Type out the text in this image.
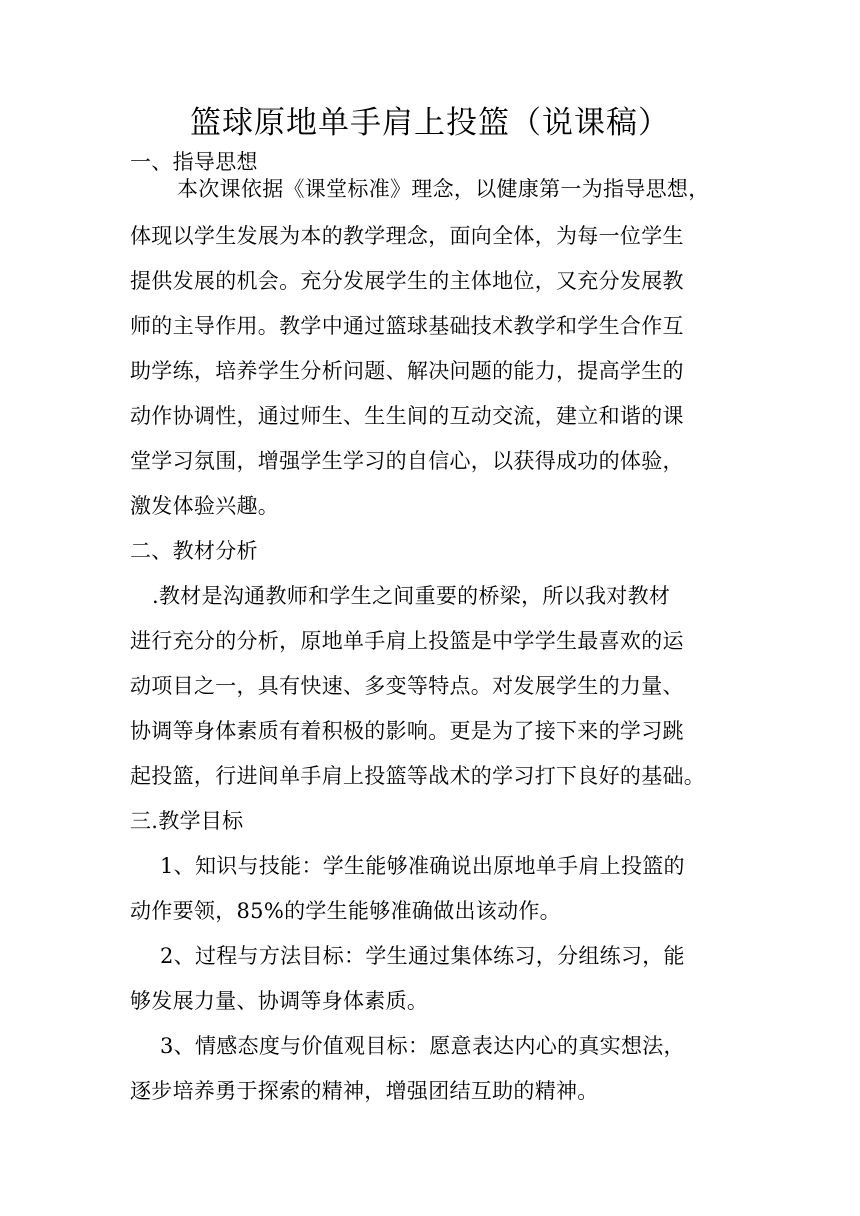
篮球原地单手肩上投篮（说课稿）
一、指导思想
本次课依据《课堂标准》理念，以健康第一为指导思想，
体现以学生发展为本的教学理念，面向全体，为每一位学生
提供发展的机会。充分发展学生的主体地位，又充分发展教
师的主导作用。教学中通过篮球基础技术教学和学生合作互
助学练，培养学生分析问题、解决问题的能力，提高学生的
动作协调性，通过师生、生生间的互动交流，建立和谐的课
堂学习氛围，增强学生学习的自信心，以获得成功的体验，
激发体验兴趣。
二、教材分析
.教材是沟通教师和学生之间重要的桥梁，所以我对教材
进行充分的分析，原地单手肩上投篮是中学学生最喜欢的运
动项目之一，具有快速、多变等特点。对发展学生的力量、
协调等身体素质有着积极的影响。更是为了接下来的学习跳
起投篮，行进间单手肩上投篮等战术的学习打下良好的基础。
三.教学目标
1、知识与技能：学生能够准确说出原地单手肩上投篮的
动作要领，85%的学生能够准确做出该动作。
2、过程与方法目标：学生通过集体练习，分组练习，能
够发展力量、协调等身体素质。
3、情感态度与价值观目标：愿意表达内心的真实想法，
逐步培养勇于探索的精神，增强团结互助的精神。
